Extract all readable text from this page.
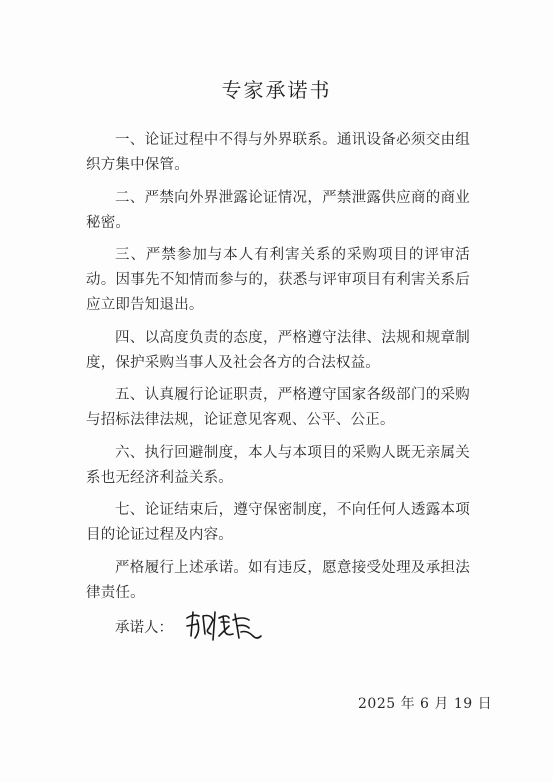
专家承诺书

一、论证过程中不得与外界联系。通讯设备必须交由组织方集中保管。

二、严禁向外界泄露论证情况，严禁泄露供应商的商业秘密。

三、严禁参加与本人有利害关系的采购项目的评审活动。因事先不知情而参与的，获悉与评审项目有利害关系后应立即告知退出。

四、以高度负责的态度，严格遵守法律、法规和规章制度，保护采购当事人及社会各方的合法权益。

五、认真履行论证职责，严格遵守国家各级部门的采购与招标法律法规，论证意见客观、公平、公正。

六、执行回避制度，本人与本项目的采购人既无亲属关系也无经济利益关系。

七、论证结束后，遵守保密制度，不向任何人透露本项目的论证过程及内容。

严格履行上述承诺。如有违反，愿意接受处理及承担法律责任。

承诺人：
2025 年 6 月 19 日
